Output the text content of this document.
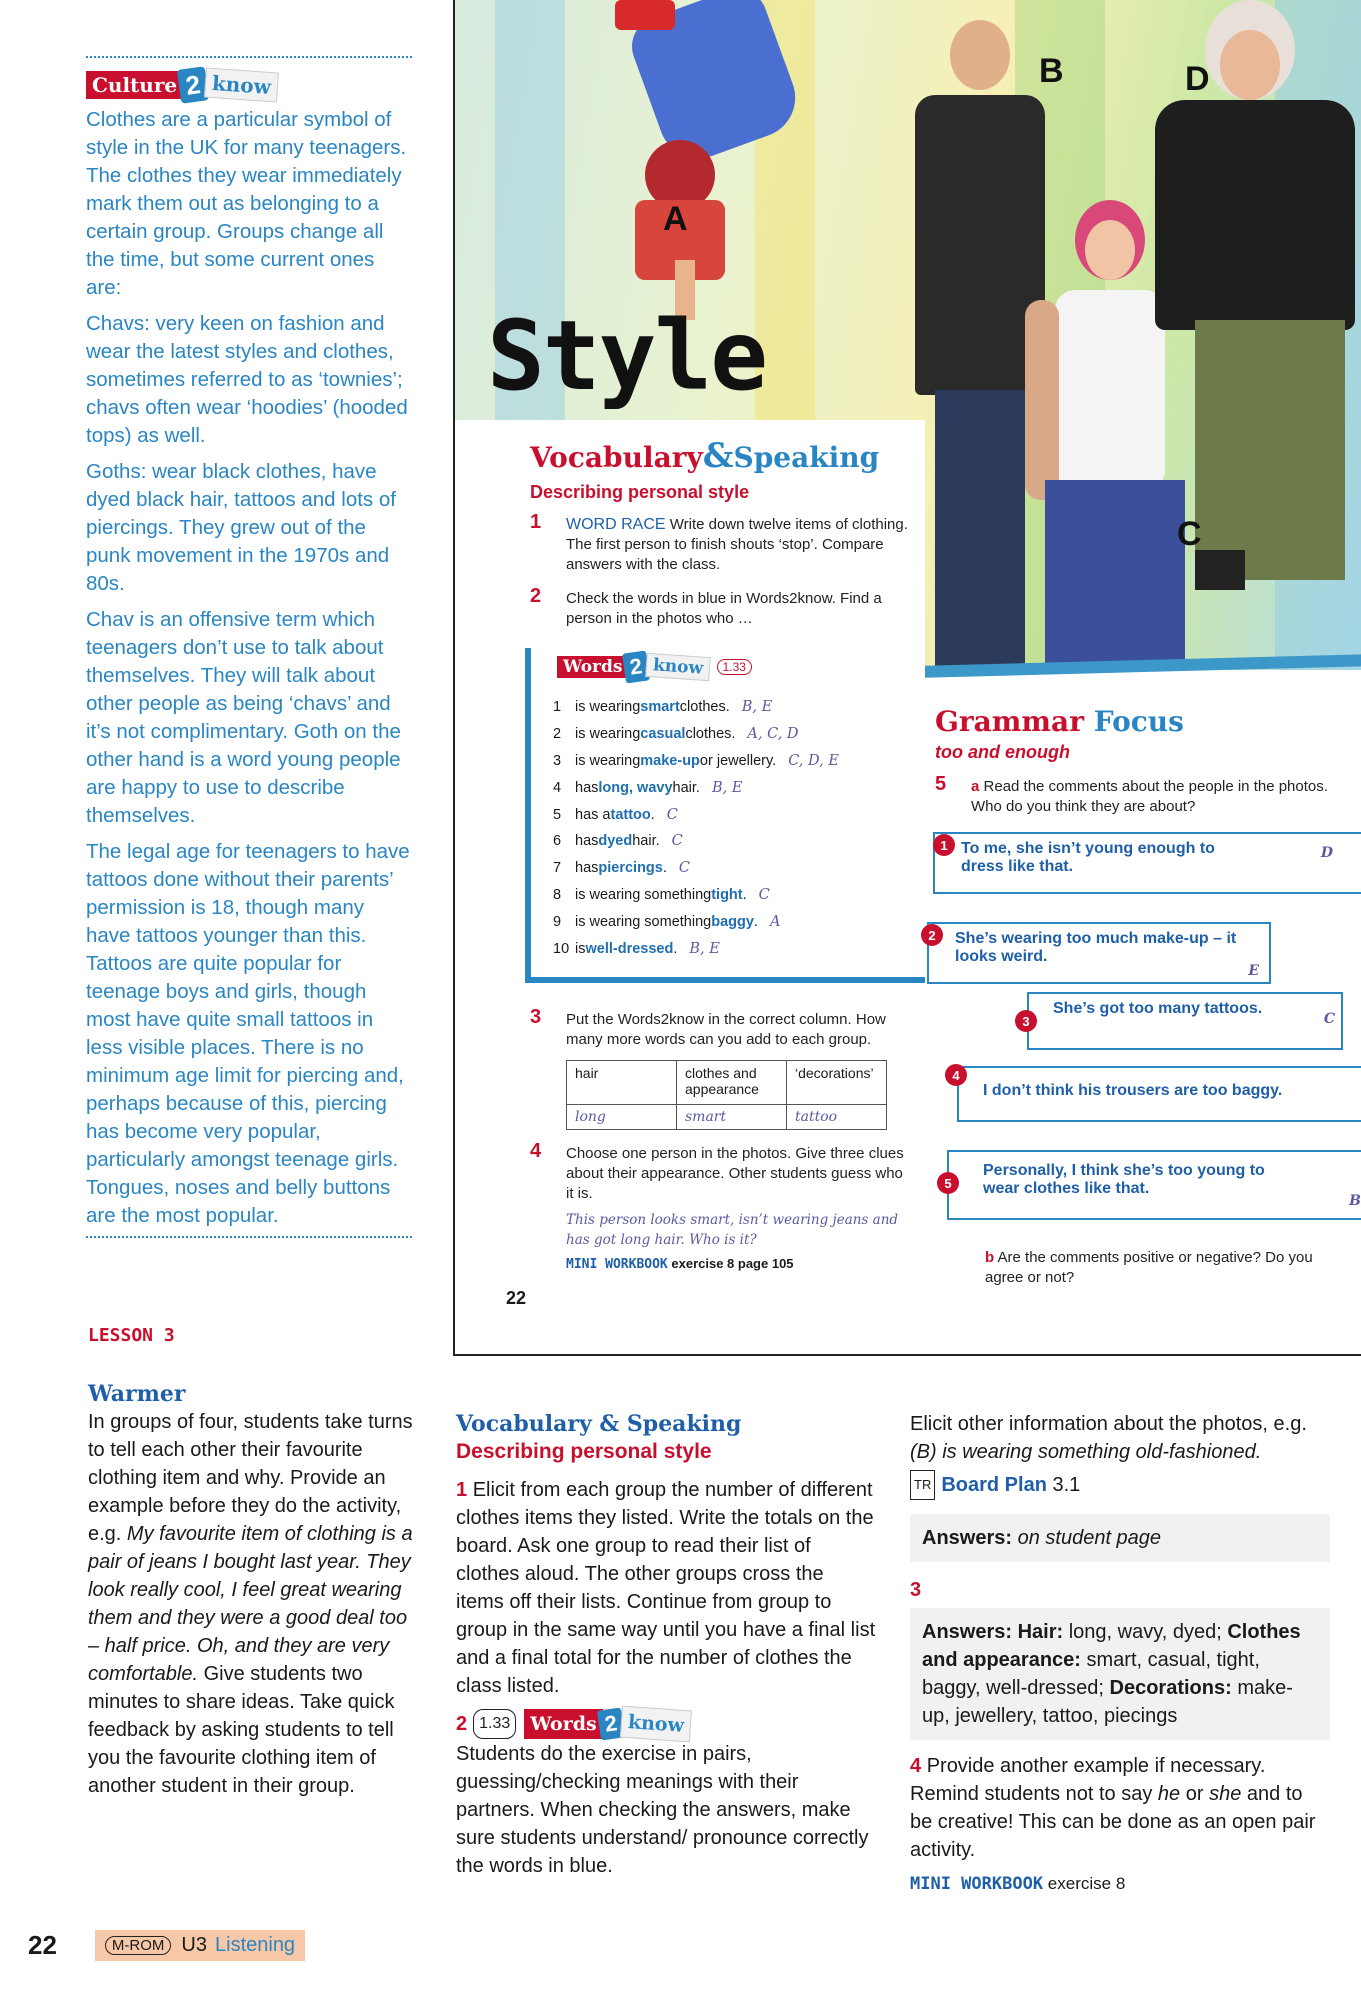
Culture 2 know

Clothes are a particular symbol of style in the UK for many teenagers. The clothes they wear immediately mark them out as belonging to a certain group. Groups change all the time, but some current ones are:

Chavs: very keen on fashion and wear the latest styles and clothes, sometimes referred to as ‘townies’; chavs often wear ‘hoodies’ (hooded tops) as well.

Goths: wear black clothes, have dyed black hair, tattoos and lots of piercings. They grew out of the punk movement in the 1970s and 80s.

Chav is an offensive term which teenagers don’t use to talk about themselves. They will talk about other people as being ‘chavs’ and it’s not complimentary. Goth on the other hand is a word young people are happy to use to describe themselves.

The legal age for teenagers to have tattoos done without their parents’ permission is 18, though many have tattoos younger than this. Tattoos are quite popular for teenage boys and girls, though most have quite small tattoos in less visible places. There is no minimum age limit for piercing and, perhaps because of this, piercing has become very popular, particularly amongst teenage girls. Tongues, noses and belly buttons are the most popular.

A
B
C
D
Style
Vocabulary&Speaking
Describing personal style
1 WORD RACE Write down twelve items of clothing. The first person to finish shouts ‘stop’. Compare answers with the class.

2 Check the words in blue in Words2know. Find a person in the photos who …

Words 2 know	1.33
1 is wearing smart clothes. B, E
2 is wearing casual clothes. A, C, D
3 is wearing make-up or jewellery. C, D, E
4 has long, wavy hair. B, E
5 has a tattoo . C
6 has dyed hair. C
7 has piercings . C
8 is wearing something tight . C
9 is wearing something baggy . A
10 is well-dressed . B, E
3 Put the Words2know in the correct column. How many more words can you add to each group.

hair	clothes and appearance	‘decorations’
long	smart	tattoo
4 Choose one person in the photos. Give three clues about their appearance. Other students guess who it is.

This person looks smart, isn’t wearing jeans and has got long hair. Who is it?

MINI WORKBOOK exercise 8 page 105

22
Grammar Focus
too and enough
5 a Read the comments about the people in the photos. Who do you think they are about?

To me, she isn’t young enough to dress like that.
D
1
She’s wearing too much make-up – it looks weird.
E
2
She’s got too many tattoos.
C
3
I don’t think his trousers are too baggy.
4
Personally, I think she’s too young to wear clothes like that.
B
5

b Are the comments positive or negative? Do you agree or not?

LESSON 3
Warmer

In groups of four, students take turns to tell each other their favourite clothing item and why. Provide an example before they do the activity, e.g. My favourite item of clothing is a pair of jeans I bought last year. They look really cool, I feel great wearing them and they were a good deal too – half price. Oh, and they are very comfortable. Give students two minutes to share ideas. Take quick feedback by asking students to tell you the favourite clothing item of another student in their group.

Vocabulary & Speaking
Describing personal style

1 Elicit from each group the number of different clothes items they listed. Write the totals on the board. Ask one group to read their list of clothes aloud. The other groups cross the items off their lists. Continue from group to group in the same way until you have a final list and a final total for the number of clothes the class listed.

2 1.33	Words 2 know

Students do the exercise in pairs, guessing/checking meanings with their partners. When checking the answers, make sure students understand/ pronounce correctly the words in blue.

Elicit other information about the photos, e.g. (B) is wearing something old-fashioned.

TR Board Plan
3.1
Answers: on student page
3
Answers: Hair: long, wavy, dyed; Clothes and appearance: smart, casual, tight, baggy, well-dressed; Decorations: make-up, jewellery, tattoo, piecings

4 Provide another example if necessary. Remind students not to say he or she and to be creative! This can be done as an open pair activity.

MINI WORKBOOK exercise 8

22	M-ROM U3 Listening
